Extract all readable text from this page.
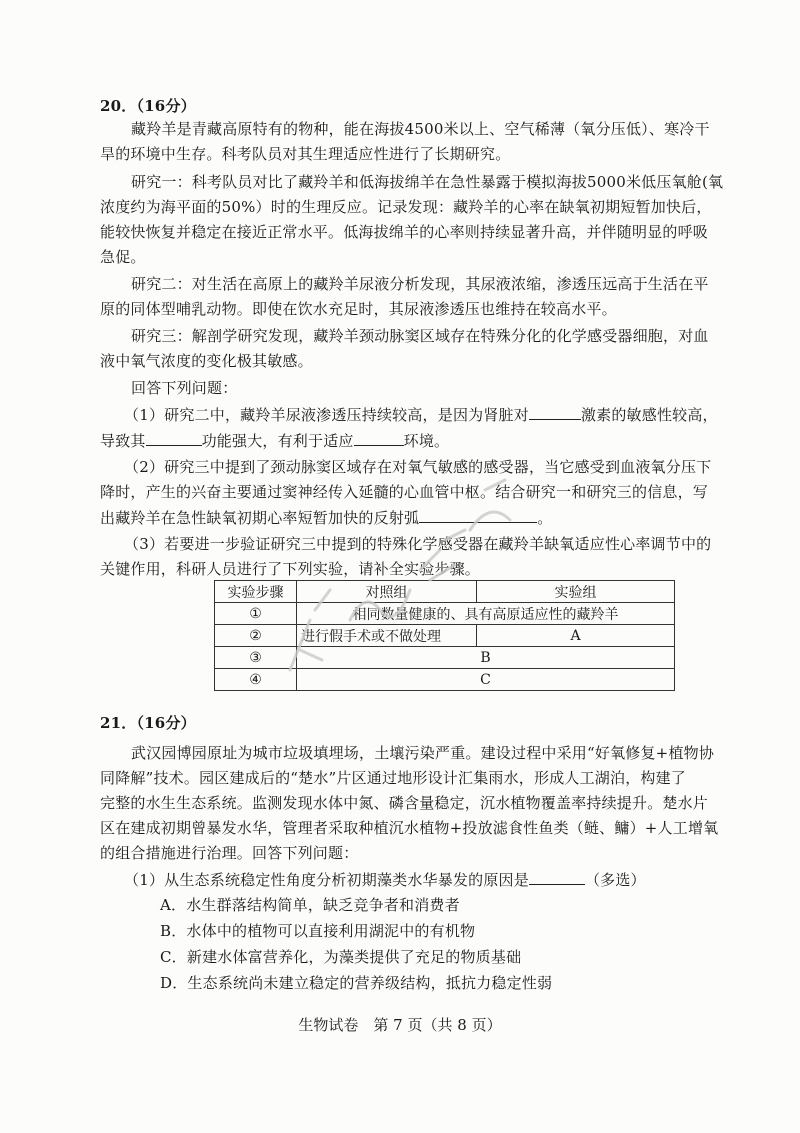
20．（16分）
藏羚羊是青藏高原特有的物种，能在海拔4500米以上、空气稀薄（氧分压低）、寒冷干
旱的环境中生存。科考队员对其生理适应性进行了长期研究。
研究一：科考队员对比了藏羚羊和低海拔绵羊在急性暴露于模拟海拔5000米低压氧舱(氧
浓度约为海平面的50%）时的生理反应。记录发现：藏羚羊的心率在缺氧初期短暂加快后，
能较快恢复并稳定在接近正常水平。低海拔绵羊的心率则持续显著升高，并伴随明显的呼吸
急促。
研究二：对生活在高原上的藏羚羊尿液分析发现，其尿液浓缩，渗透压远高于生活在平
原的同体型哺乳动物。即使在饮水充足时，其尿液渗透压也维持在较高水平。
研究三：解剖学研究发现，藏羚羊颈动脉窦区域存在特殊分化的化学感受器细胞，对血
液中氧气浓度的变化极其敏感。
回答下列问题：
（1）研究二中，藏羚羊尿液渗透压持续较高，是因为肾脏对	激素的敏感性较高，
导致其	功能强大，有利于适应	环境。
（2）研究三中提到了颈动脉窦区域存在对氧气敏感的感受器，当它感受到血液氧分压下
降时，产生的兴奋主要通过窦神经传入延髓的心血管中枢。结合研究一和研究三的信息，写
出藏羚羊在急性缺氧初期心率短暂加快的反射弧	。
（3）若要进一步验证研究三中提到的特殊化学感受器在藏羚羊缺氧适应性心率调节中的
关键作用，科研人员进行了下列实验，请补全实验步骤。
实验步骤	对照组	实验组
①	相同数量健康的、具有高原适应性的藏羚羊	
②	进行假手术或不做处理	A
③	B	
④	C	
21．（16分）
武汉园博园原址为城市垃圾填埋场，土壤污染严重。建设过程中采用“好氧修复+植物协
同降解”技术。园区建成后的“楚水”片区通过地形设计汇集雨水，形成人工湖泊，构建了
完整的水生生态系统。监测发现水体中氮、磷含量稳定，沉水植物覆盖率持续提升。楚水片
区在建成初期曾暴发水华，管理者采取种植沉水植物+投放滤食性鱼类（鲢、鳙）+人工增氧
的组合措施进行治理。回答下列问题：
（1）从生态系统稳定性角度分析初期藻类水华暴发的原因是	（多选）
A．水生群落结构简单，缺乏竞争者和消费者
B．水体中的植物可以直接利用湖泥中的有机物
C．新建水体富营养化，为藻类提供了充足的物质基础
D．生态系统尚未建立稳定的营养级结构，抵抗力稳定性弱
生物试卷　第 7 页（共 8 页）
